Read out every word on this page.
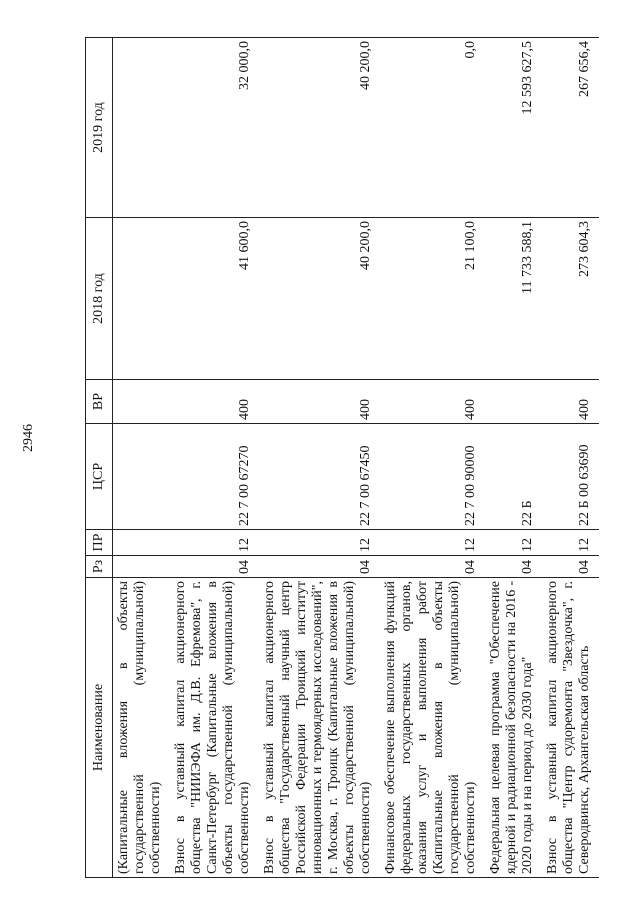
2946
Наименование	Рз	ПР	ЦСР	ВР	2018 год	2019 год
(Капитальные вложения в объекты государственной (муниципальной) собственности)						
Взнос в уставный капитал акционерного общества "НИИЭФА им. Д.В. Ефремова", г. Санкт-Петербург (Капитальные вложения в объекты государственной (муниципальной) собственности)	04	12	22 7 00 67270	400	41 600,0	32 000,0
Взнос в уставный капитал акционерного общества "Государственный научный центр Российской Федерации Троицкий институт инновационных и термоядерных исследований", г. Москва, г. Троицк (Капитальные вложения в объекты государственной (муниципальной) собственности)	04	12	22 7 00 67450	400	40 200,0	40 200,0
Финансовое обеспечение выполнения функций федеральных государственных органов, оказания услуг и выполнения работ (Капитальные вложения в объекты государственной (муниципальной) собственности)	04	12	22 7 00 90000	400	21 100,0	0,0
Федеральная целевая программа "Обеспечение ядерной и радиационной безопасности на 2016 - 2020 годы и на период до 2030 года"	04	12	22 Б		11 733 588,1	12 593 627,5
Взнос в уставный капитал акционерного общества "Центр судоремонта "Звездочка", г. Северодвинск, Архангельская область	04	12	22 Б 00 63690	400	273 604,3	267 656,4
